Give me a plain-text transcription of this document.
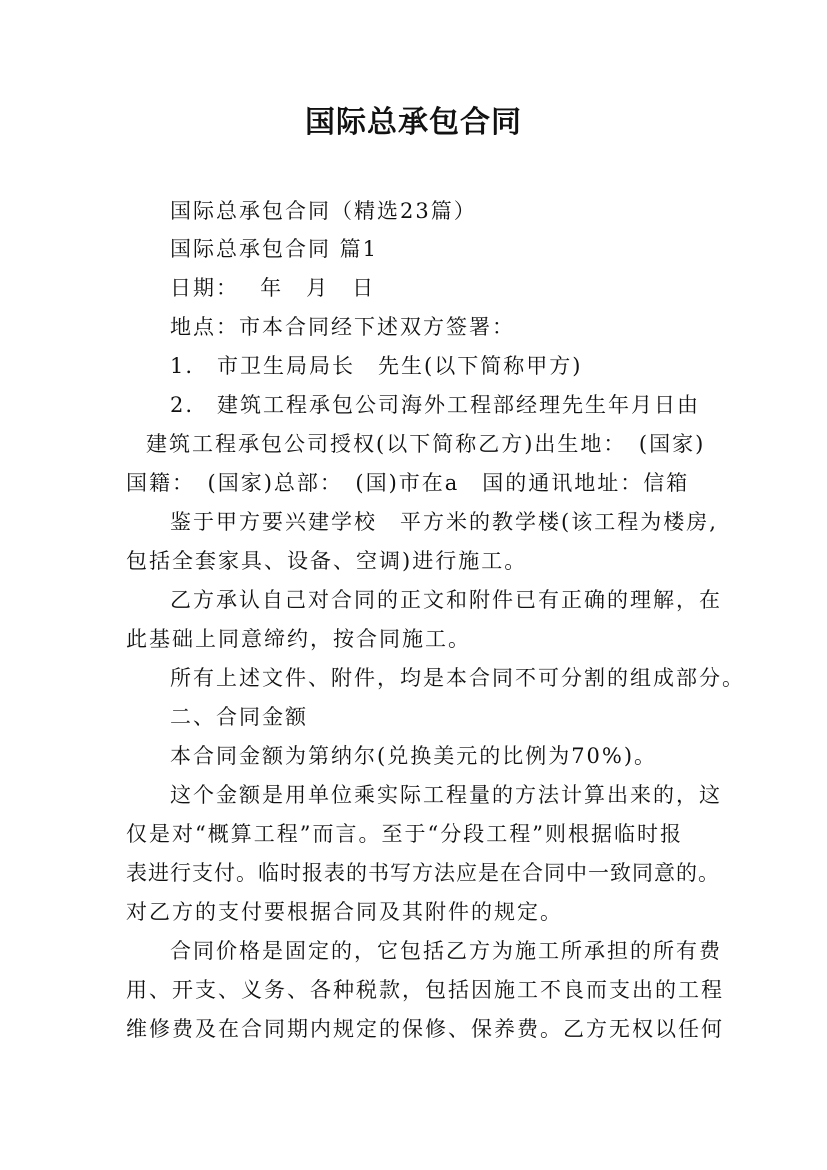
国际总承包合同
国际总承包合同（精选23篇）
国际总承包合同 篇1
日期：　 年　月　日
地点：市本合同经下述双方签署：
1.　市卫生局局长　先生(以下简称甲方)
2.　建筑工程承包公司海外工程部经理先生年月日由
建筑工程承包公司授权(以下简称乙方)出生地：　(国家)
国籍：　(国家)总部：　(国)市在a　国的通讯地址：信箱
鉴于甲方要兴建学校　平方米的教学楼(该工程为楼房,
包括全套家具、设备、空调)进行施工。
乙方承认自己对合同的正文和附件已有正确的理解，在
此基础上同意缔约，按合同施工。
所有上述文件、附件，均是本合同不可分割的组成部分。
二、合同金额
本合同金额为第纳尔(兑换美元的比例为70%)。
这个金额是用单位乘实际工程量的方法计算出来的，这
仅是对“概算工程”而言。至于“分段工程”则根据临时报
表进行支付。临时报表的书写方法应是在合同中一致同意的。
对乙方的支付要根据合同及其附件的规定。
合同价格是固定的，它包括乙方为施工所承担的所有费
用、开支、义务、各种税款，包括因施工不良而支出的工程
维修费及在合同期内规定的保修、保养费。乙方无权以任何
